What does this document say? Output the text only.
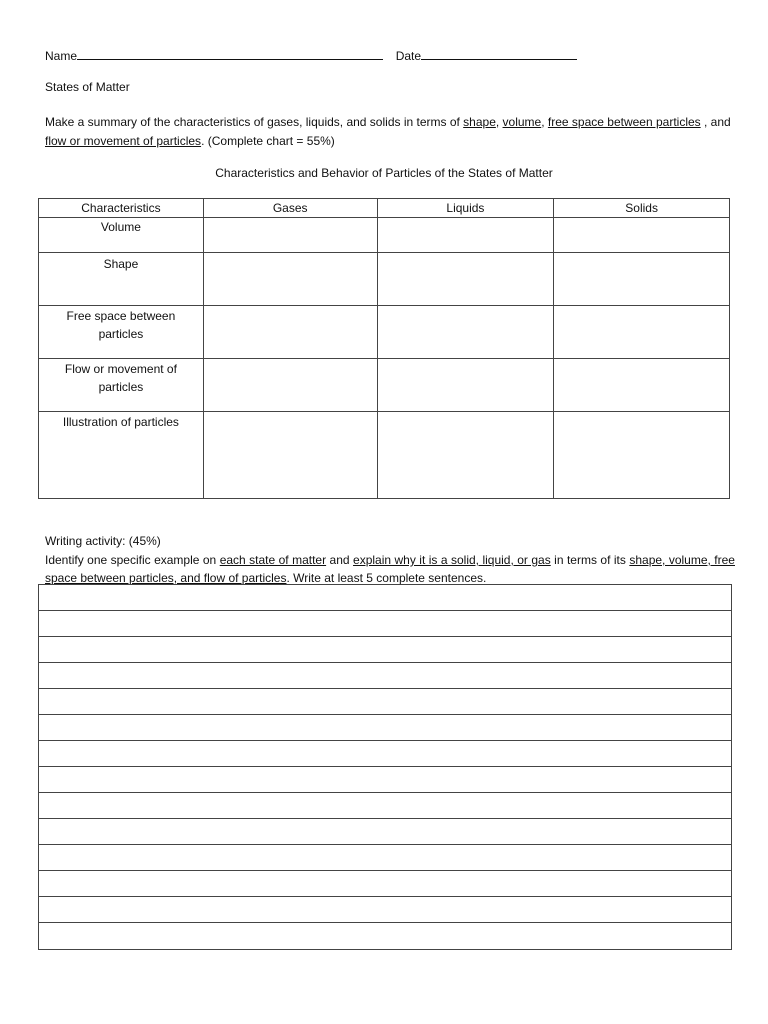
Name	Date
States of Matter
Make a summary of the characteristics of gases, liquids, and solids in terms of shape, volume, free space between particles , and flow or movement of particles. (Complete chart = 55%)
Characteristics and Behavior of Particles of the States of Matter
Characteristics	Gases	Liquids	Solids
Volume			
Shape			
Free space between particles			
Flow or movement of particles			
Illustration of particles			
Writing activity: (45%)
Identify one specific example on each state of matter and explain why it is a solid, liquid, or gas in terms of its shape, volume, free space between particles, and flow of particles. Write at least 5 complete sentences.
